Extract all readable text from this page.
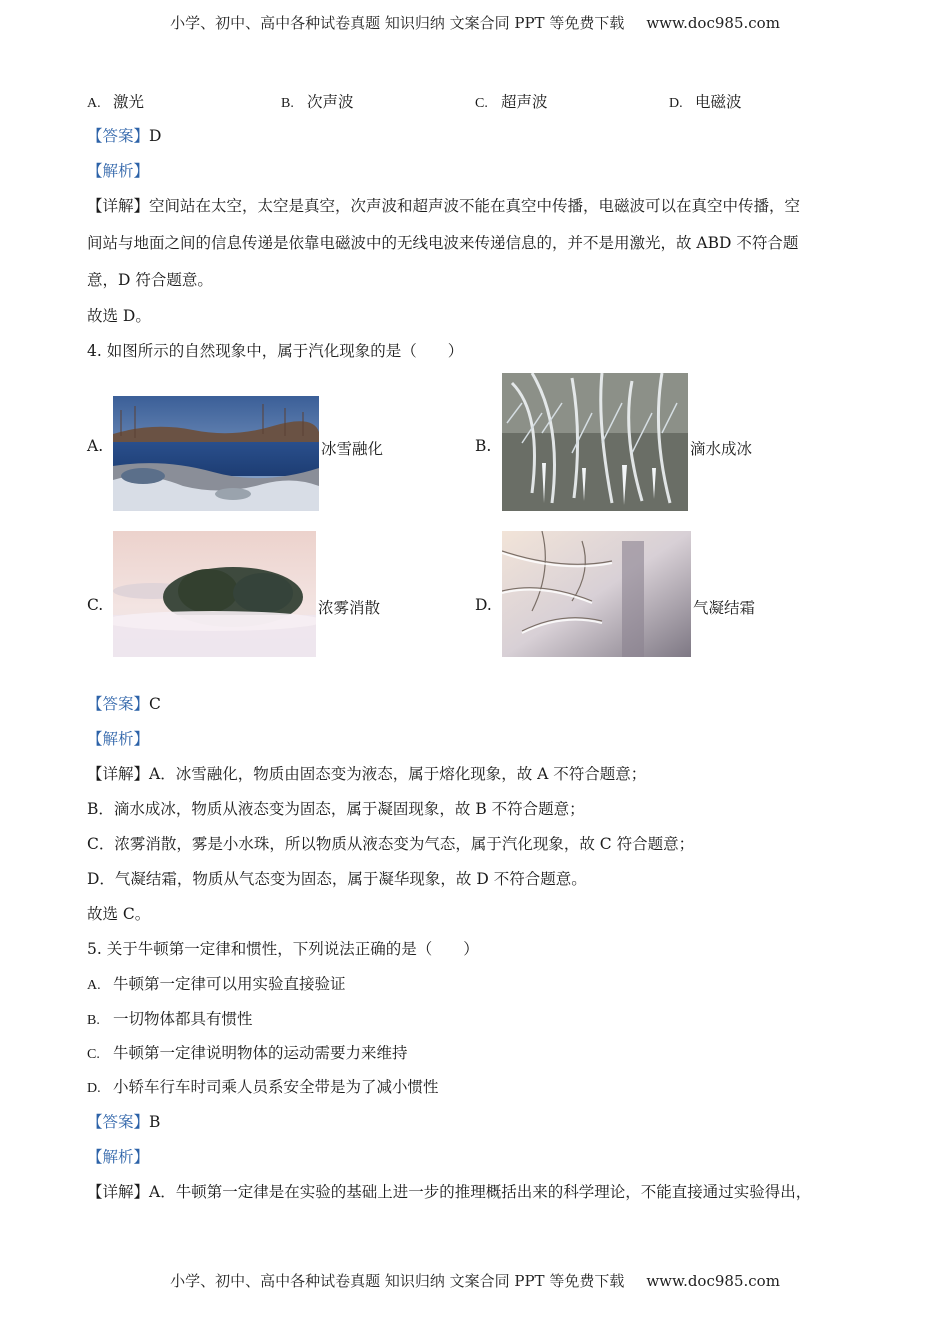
小学、初中、高中各种试卷真题 知识归纳 文案合同 PPT 等免费下载 www.doc985.com
A. 激光	B. 次声波	C. 超声波	D. 电磁波
【答案】D
【解析】
【详解】空间站在太空，太空是真空，次声波和超声波不能在真空中传播，电磁波可以在真空中传播，空
间站与地面之间的信息传递是依靠电磁波中的无线电波来传递信息的，并不是用激光，故 ABD 不符合题
意，D 符合题意。
故选 D。
4. 如图所示的自然现象中，属于汽化现象的是（　　）
A.	冰雪融化	B.	滴水成冰
C.	浓雾消散	D.	气凝结霜
【答案】C
【解析】
【详解】A．冰雪融化，物质由固态变为液态，属于熔化现象，故 A 不符合题意；
B．滴水成冰，物质从液态变为固态，属于凝固现象，故 B 不符合题意；
C．浓雾消散，雾是小水珠，所以物质从液态变为气态，属于汽化现象，故 C 符合题意；
D．气凝结霜，物质从气态变为固态，属于凝华现象，故 D 不符合题意。
故选 C。
5. 关于牛顿第一定律和惯性，下列说法正确的是（　　）
A. 牛顿第一定律可以用实验直接验证
B. 一切物体都具有惯性
C. 牛顿第一定律说明物体的运动需要力来维持
D. 小轿车行车时司乘人员系安全带是为了减小惯性
【答案】B
【解析】
【详解】A．牛顿第一定律是在实验的基础上进一步的推理概括出来的科学理论，不能直接通过实验得出，
小学、初中、高中各种试卷真题 知识归纳 文案合同 PPT 等免费下载 www.doc985.com
